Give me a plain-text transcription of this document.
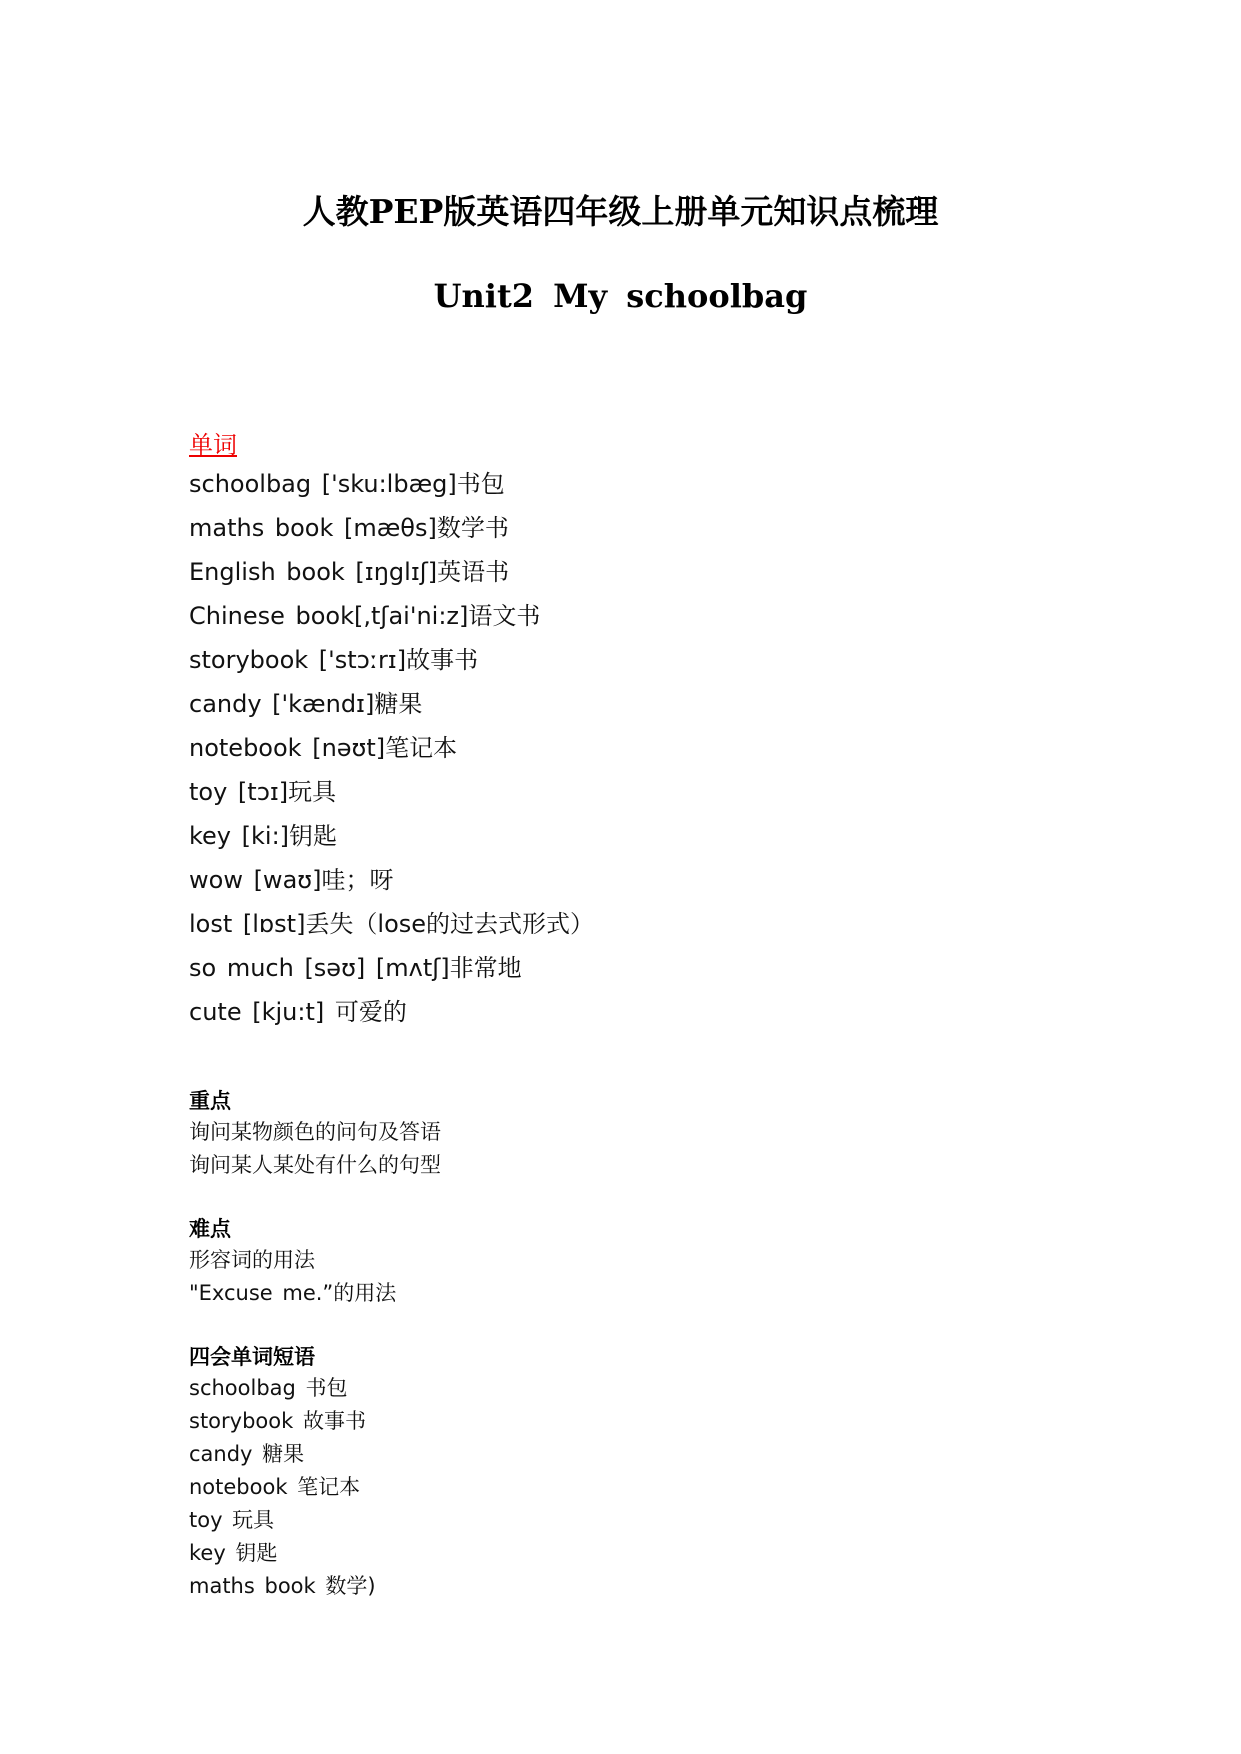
人教PEP版英语四年级上册单元知识点梳理
Unit2 My schoolbag
单词
schoolbag ['sku:lbæg]书包
maths book [mæθs]数学书
English book [ɪŋglɪʃ]英语书
Chinese book[,tʃai'ni:z]语文书
storybook ['stɔːrɪ]故事书
candy ['kændɪ]糖果
notebook [nəʊt]笔记本
toy [tɔɪ]玩具
key [ki:]钥匙
wow [waʊ]哇；呀
lost [lɒst]丢失（lose的过去式形式）
so much [səʊ] [mʌtʃ]非常地
cute [kju:t] 可爱的
重点
询问某物颜色的问句及答语
询问某人某处有什么的句型
难点
形容词的用法
"Excuse me.”的用法
四会单词短语
schoolbag 书包
storybook 故事书
candy 糖果
notebook 笔记本
toy 玩具
key 钥匙
maths book 数学)
